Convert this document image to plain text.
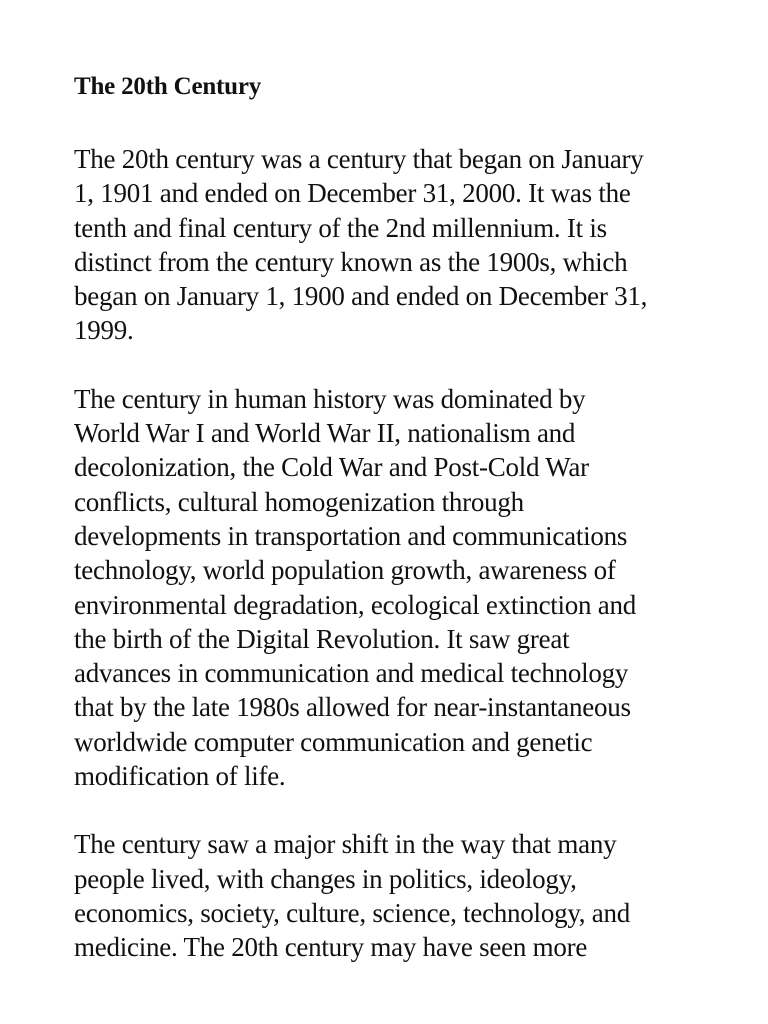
The 20th Century
The 20th century was a century that began on January
1, 1901 and ended on December 31, 2000. It was the
tenth and final century of the 2nd millennium. It is
distinct from the century known as the 1900s, which
began on January 1, 1900 and ended on December 31,
1999.
The century in human history was dominated by
World War I and World War II, nationalism and
decolonization, the Cold War and Post-Cold War
conflicts, cultural homogenization through
developments in transportation and communications
technology, world population growth, awareness of
environmental degradation, ecological extinction and
the birth of the Digital Revolution. It saw great
advances in communication and medical technology
that by the late 1980s allowed for near-instantaneous
worldwide computer communication and genetic
modification of life.
The century saw a major shift in the way that many
people lived, with changes in politics, ideology,
economics, society, culture, science, technology, and
medicine. The 20th century may have seen more
